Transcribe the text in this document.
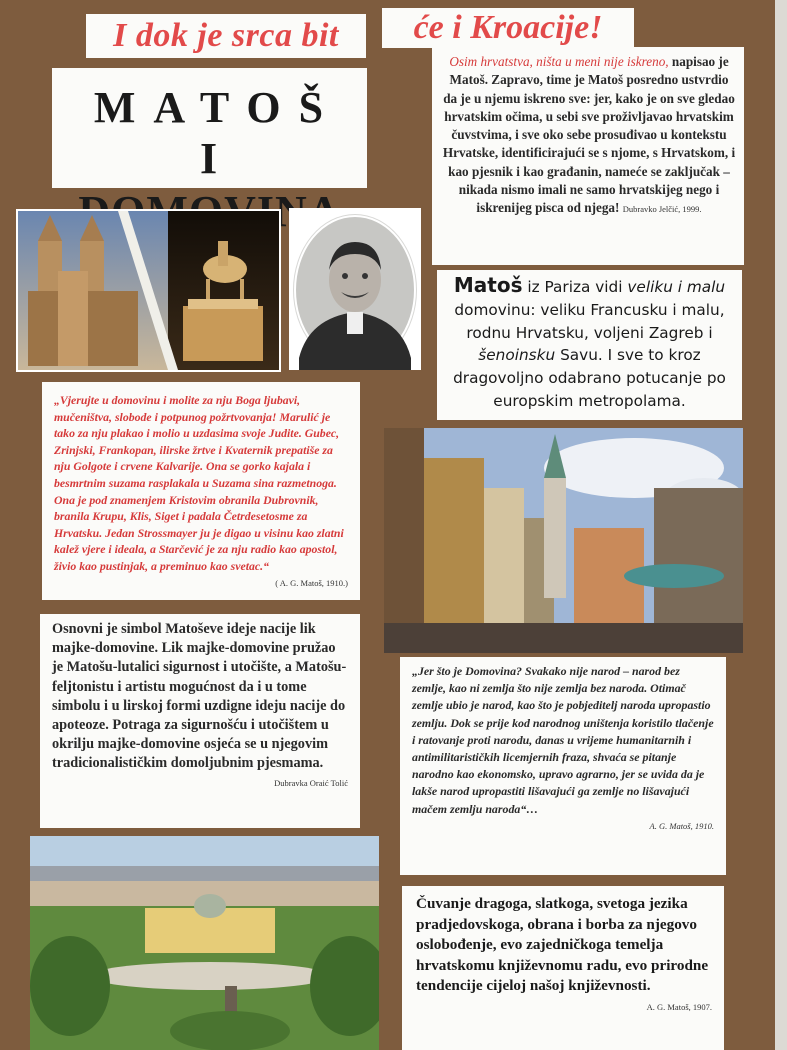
I dok je srca bit	će i Kroacije!
MATOŠ I
Osim hrvatstva, ništa u meni nije iskreno, napisao je Matoš. Zapravo, time je Matoš posredno ustvrdio da je u njemu iskreno sve: jer, kako je on sve gledao hrvatskim očima, u sebi sve proživljavao hrvatskim čuvstvima, i sve oko sebe prosuđivao u kontekstu Hrvatske, identificirajući se s njome, s Hrvatskom, i kao pjesnik i kao građanin, nameće se zaključak – nikada nismo imali ne samo hrvatskijeg nego i iskrenijeg pisca od njega! Dubravko Jelčić, 1999.
Matoš iz Pariza vidi veliku i malu domovinu: veliku Francusku i malu, rodnu Hrvatsku, voljeni Zagreb i šenoinsku Savu. I sve to kroz dragovoljno odabrano potucanje po europskim metropolama.
„Vjerujte u domovinu i molite za nju Boga ljubavi, mučeništva, slobode i potpunog požrtvovanja! Marulić je tako za nju plakao i molio u uzdasima svoje Judite. Gubec, Zrinjski, Frankopan, ilirske žrtve i Kvaternik prepatiše za nju Golgote i crvene Kalvarije. Ona se gorko kajala i besmrtnim suzama rasplakala u Suzama sina razmetnoga. Ona je pod znamenjem Kristovim obranila Dubrovnik, branila Krupu, Klis, Siget i padala Četrdesetosme za Hrvatsku. Jedan Strossmayer ju je digao u visinu kao zlatni kalež vjere i ideala, a Starčević je za nju radio kao apostol, živio kao pustinjak, a preminuo kao svetac.“
( A. G. Matoš, 1910.)
Osnovni je simbol Matoševe ideje nacije lik majke-domovine. Lik majke-domovine pružao je Matošu-lutalici sigurnost i utočište, a Matošu-feljtonistu i artistu mogućnost da i u tome simbolu i u lirskoj formi uzdigne ideju nacije do apoteoze. Potraga za sigurnošću i utočištem u okrilju majke-domovine osjeća se u njegovim tradicionalističkim domoljubnim pjesmama.
Dubravka Oraić Tolić
„Jer što je Domovina? Svakako nije narod – narod bez zemlje, kao ni zemlja što nije zemlja bez naroda. Otimač zemlje ubio je narod, kao što je pobjeditelj naroda upropastio zemlju. Dok se prije kod narodnog uništenja koristilo tlačenje i ratovanje proti narodu, danas u vrijeme humanitarnih i antimilitarističkih licemjernih fraza, shvaća se pitanje narodno kao ekonomsko, upravo agrarno, jer se uvida da je lakše narod upropastiti lišavajući ga zemlje no lišavajući mačem zemlju naroda“…
A. G. Matoš, 1910.
Čuvanje dragoga, slatkoga, svetoga jezika pradjedovskoga, obrana i borba za njegovo oslobođenje, evo zajedničkoga temelja hrvatskomu književnomu radu, evo prirodne tendencije cijeloj našoj književnosti.
A. G. Matoš, 1907.
